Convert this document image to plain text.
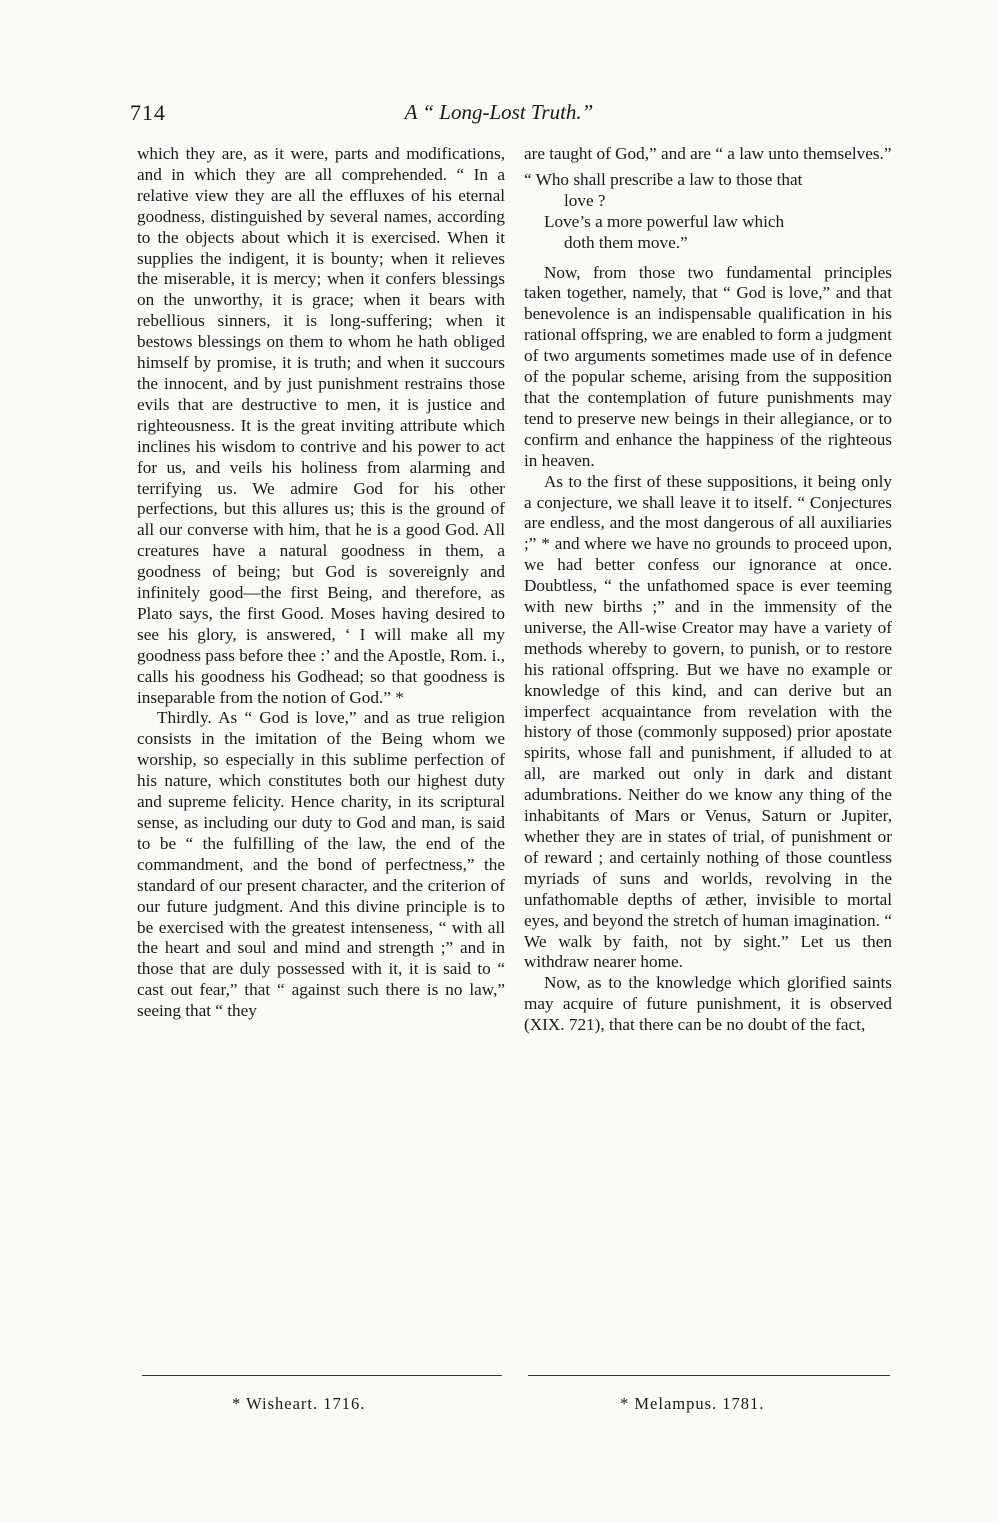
714	A “ Long-Lost Truth.”

which they are, as it were, parts and modifications, and in which they are all comprehended. “ In a relative view they are all the effluxes of his eternal goodness, distinguished by several names, according to the objects about which it is exercised. When it supplies the indigent, it is bounty; when it relieves the miserable, it is mercy; when it confers blessings on the unworthy, it is grace; when it bears with rebellious sinners, it is long-suffering; when it bestows blessings on them to whom he hath obliged himself by promise, it is truth; and when it succours the innocent, and by just punishment restrains those evils that are destructive to men, it is justice and righteousness. It is the great inviting attribute which inclines his wisdom to contrive and his power to act for us, and veils his holiness from alarming and terrifying us. We admire God for his other perfections, but this allures us; this is the ground of all our converse with him, that he is a good God. All creatures have a natural goodness in them, a goodness of being; but God is sovereignly and infinitely good—the first Being, and therefore, as Plato says, the first Good. Moses having desired to see his glory, is answered, ‘ I will make all my goodness pass before thee :’ and the Apostle, Rom. i., calls his goodness his Godhead; so that goodness is inseparable from the notion of God.” *

Thirdly. As “ God is love,” and as true religion consists in the imitation of the Being whom we worship, so especially in this sublime perfection of his nature, which constitutes both our highest duty and supreme felicity. Hence charity, in its scriptural sense, as including our duty to God and man, is said to be “ the fulfilling of the law, the end of the commandment, and the bond of perfectness,” the standard of our present character, and the criterion of our future judgment. And this divine principle is to be exercised with the greatest intenseness, “ with all the heart and soul and mind and strength ;” and in those that are duly possessed with it, it is said to “ cast out fear,” that “ against such there is no law,” seeing that “ they

are taught of God,” and are “ a law unto themselves.”

“ Who shall prescribe a law to those that
love ?
Love’s a more powerful law which
doth them move.”

Now, from those two fundamental principles taken together, namely, that “ God is love,” and that benevolence is an indispensable qualification in his rational offspring, we are enabled to form a judgment of two arguments sometimes made use of in defence of the popular scheme, arising from the supposition that the contemplation of future punishments may tend to preserve new beings in their allegiance, or to confirm and enhance the happiness of the righteous in heaven.

As to the first of these suppositions, it being only a conjecture, we shall leave it to itself. “ Conjectures are endless, and the most dangerous of all auxiliaries ;” * and where we have no grounds to proceed upon, we had better confess our ignorance at once. Doubtless, “ the unfathomed space is ever teeming with new births ;” and in the immensity of the universe, the All-wise Creator may have a variety of methods whereby to govern, to punish, or to restore his rational offspring. But we have no example or knowledge of this kind, and can derive but an imperfect acquaintance from revelation with the history of those (commonly supposed) prior apostate spirits, whose fall and punishment, if alluded to at all, are marked out only in dark and distant adumbrations. Neither do we know any thing of the inhabitants of Mars or Venus, Saturn or Jupiter, whether they are in states of trial, of punishment or of reward ; and certainly nothing of those countless myriads of suns and worlds, revolving in the unfathomable depths of æther, invisible to mortal eyes, and beyond the stretch of human imagination. “ We walk by faith, not by sight.” Let us then withdraw nearer home.

Now, as to the knowledge which glorified saints may acquire of future punishment, it is observed (XIX. 721), that there can be no doubt of the fact,

* Wisheart. 1716.	* Melampus. 1781.
